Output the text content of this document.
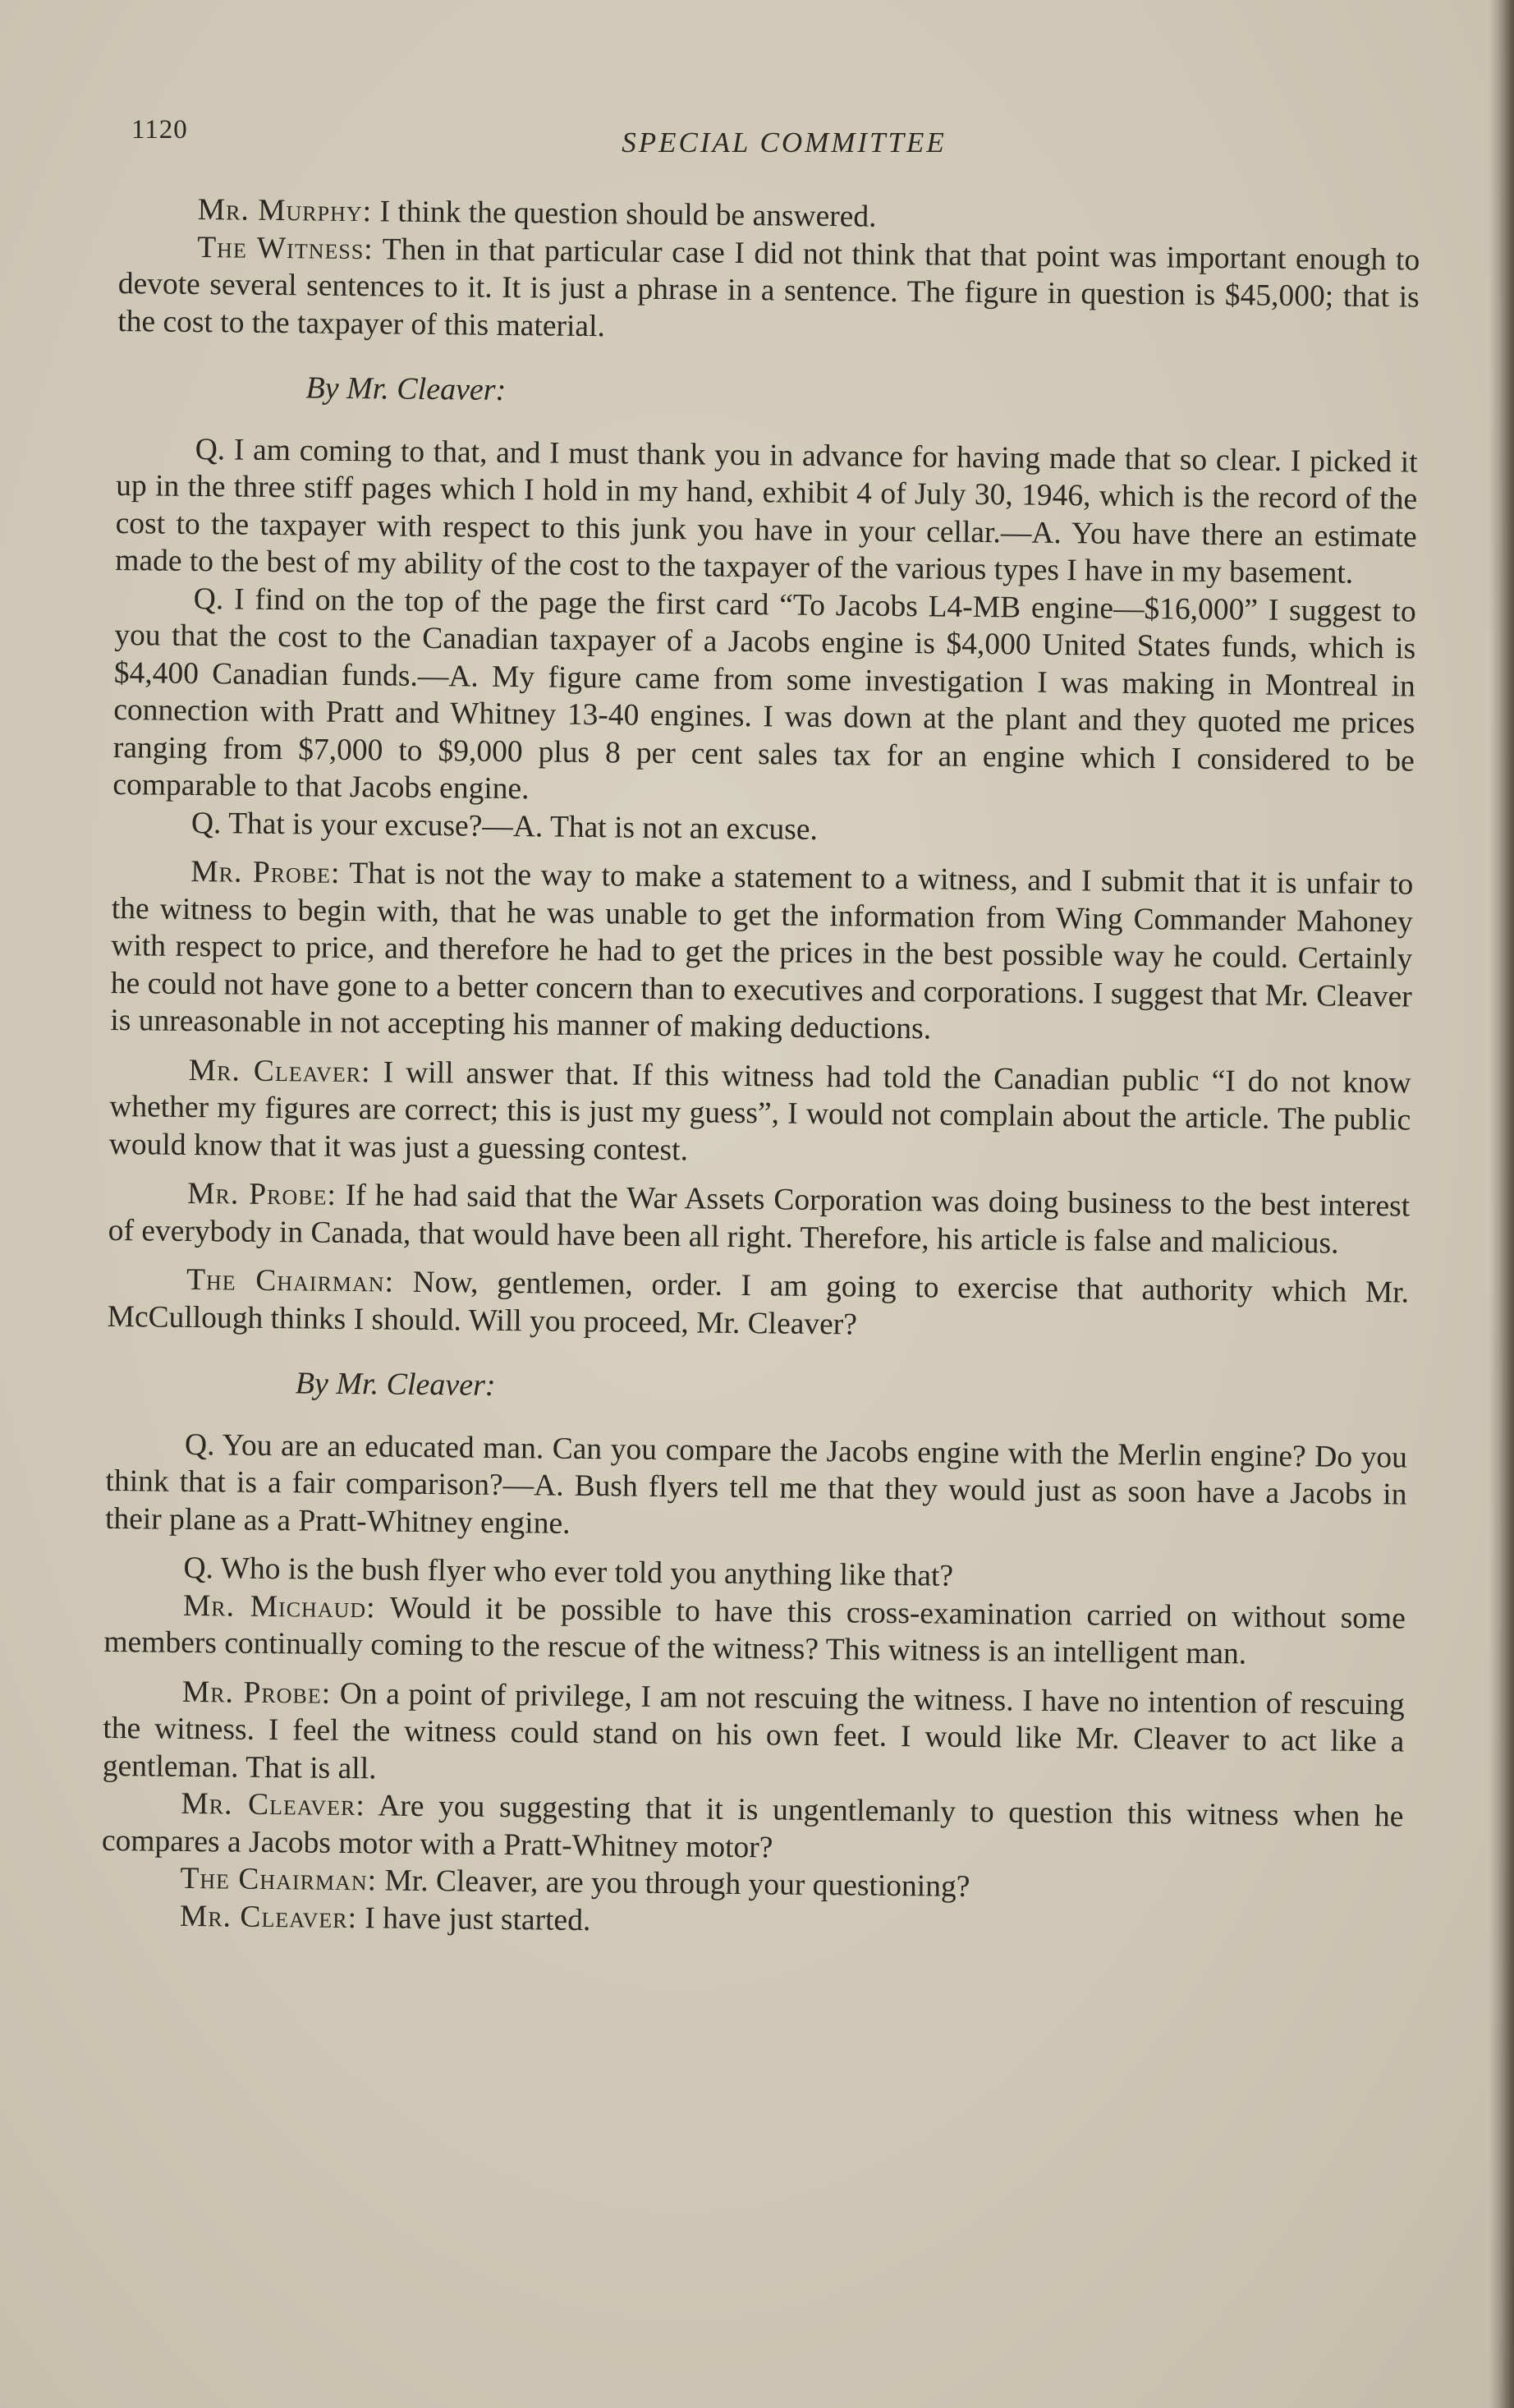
1120	SPECIAL COMMITTEE

Mr. Murphy: I think the question should be answered.

The Witness: Then in that particular case I did not think that that point was important enough to devote several sentences to it. It is just a phrase in a sentence. The figure in question is $45,000; that is the cost to the taxpayer of this material.

By Mr. Cleaver:

Q. I am coming to that, and I must thank you in advance for having made that so clear. I picked it up in the three stiff pages which I hold in my hand, exhibit 4 of July 30, 1946, which is the record of the cost to the taxpayer with respect to this junk you have in your cellar.—A. You have there an estimate made to the best of my ability of the cost to the taxpayer of the various types I have in my basement.

Q. I find on the top of the page the first card “To Jacobs L4-MB engine—$16,000” I suggest to you that the cost to the Canadian taxpayer of a Jacobs engine is $4,000 United States funds, which is $4,400 Canadian funds.—A. My figure came from some investigation I was making in Montreal in connection with Pratt and Whitney 13-40 engines. I was down at the plant and they quoted me prices ranging from $7,000 to $9,000 plus 8 per cent sales tax for an engine which I considered to be comparable to that Jacobs engine.

Q. That is your excuse?—A. That is not an excuse.

Mr. Probe: That is not the way to make a statement to a witness, and I submit that it is unfair to the witness to begin with, that he was unable to get the information from Wing Commander Mahoney with respect to price, and therefore he had to get the prices in the best possible way he could. Certainly he could not have gone to a better concern than to executives and corporations. I suggest that Mr. Cleaver is unreasonable in not accepting his manner of making deductions.

Mr. Cleaver: I will answer that. If this witness had told the Canadian public “I do not know whether my figures are correct; this is just my guess”, I would not complain about the article. The public would know that it was just a guessing contest.

Mr. Probe: If he had said that the War Assets Corporation was doing business to the best interest of everybody in Canada, that would have been all right. Therefore, his article is false and malicious.

The Chairman: Now, gentlemen, order. I am going to exercise that authority which Mr. McCullough thinks I should. Will you proceed, Mr. Cleaver?

By Mr. Cleaver:

Q. You are an educated man. Can you compare the Jacobs engine with the Merlin engine? Do you think that is a fair comparison?—A. Bush flyers tell me that they would just as soon have a Jacobs in their plane as a Pratt-Whitney engine.

Q. Who is the bush flyer who ever told you anything like that?

Mr. Michaud: Would it be possible to have this cross-examination carried on without some members continually coming to the rescue of the witness? This witness is an intelligent man.

Mr. Probe: On a point of privilege, I am not rescuing the witness. I have no intention of rescuing the witness. I feel the witness could stand on his own feet. I would like Mr. Cleaver to act like a gentleman. That is all.

Mr. Cleaver: Are you suggesting that it is ungentlemanly to question this witness when he compares a Jacobs motor with a Pratt-Whitney motor?

The Chairman: Mr. Cleaver, are you through your questioning?

Mr. Cleaver: I have just started.
